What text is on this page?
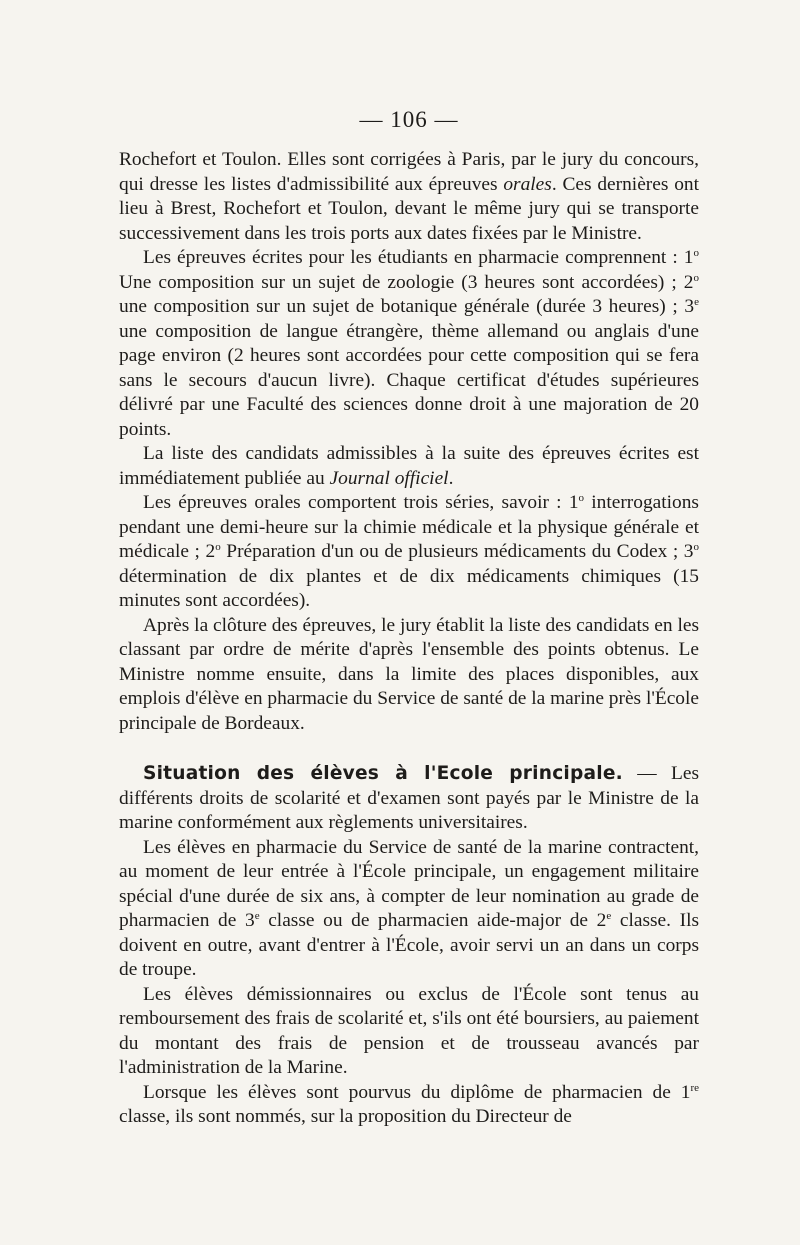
— 106 —

Rochefort et Toulon. Elles sont corrigées à Paris, par le jury du concours, qui dresse les listes d'admissibilité aux épreuves orales. Ces dernières ont lieu à Brest, Rochefort et Toulon, devant le même jury qui se transporte successivement dans les trois ports aux dates fixées par le Ministre.

Les épreuves écrites pour les étudiants en pharmacie comprennent : 1$^o$ Une composition sur un sujet de zoologie (3 heures sont accordées) ; 2$^o$ une composition sur un sujet de botanique générale (durée 3 heures) ; 3e une composition de langue étrangère, thème allemand ou anglais d'une page environ (2 heures sont accordées pour cette composition qui se fera sans le secours d'aucun livre). Chaque certificat d'études supérieures délivré par une Faculté des sciences donne droit à une majoration de 20 points.

La liste des candidats admissibles à la suite des épreuves écrites est immédiatement publiée au Journal officiel.

Les épreuves orales comportent trois séries, savoir : 1$^o$ interrogations pendant une demi-heure sur la chimie médicale et la physique générale et médicale ; 2$^o$ Préparation d'un ou de plusieurs médicaments du Codex ; 3$^o$ détermination de dix plantes et de dix médicaments chimiques (15 minutes sont accordées).

Après la clôture des épreuves, le jury établit la liste des candidats en les classant par ordre de mérite d'après l'ensemble des points obtenus. Le Ministre nomme ensuite, dans la limite des places disponibles, aux emplois d'élève en pharmacie du Service de santé de la marine près l'École principale de Bordeaux.

Situation des élèves à l'Ecole principale. — Les différents droits de scolarité et d'examen sont payés par le Ministre de la marine conformément aux règlements universitaires.

Les élèves en pharmacie du Service de santé de la marine contractent, au moment de leur entrée à l'École principale, un engagement militaire spécial d'une durée de six ans, à compter de leur nomination au grade de pharmacien de 3e classe ou de pharmacien aide-major de 2e classe. Ils doivent en outre, avant d'entrer à l'École, avoir servi un an dans un corps de troupe.

Les élèves démissionnaires ou exclus de l'École sont tenus au remboursement des frais de scolarité et, s'ils ont été boursiers, au paiement du montant des frais de pension et de trousseau avancés par l'administration de la Marine.

Lorsque les élèves sont pourvus du diplôme de pharmacien de 1re classe, ils sont nommés, sur la proposition du Directeur de
